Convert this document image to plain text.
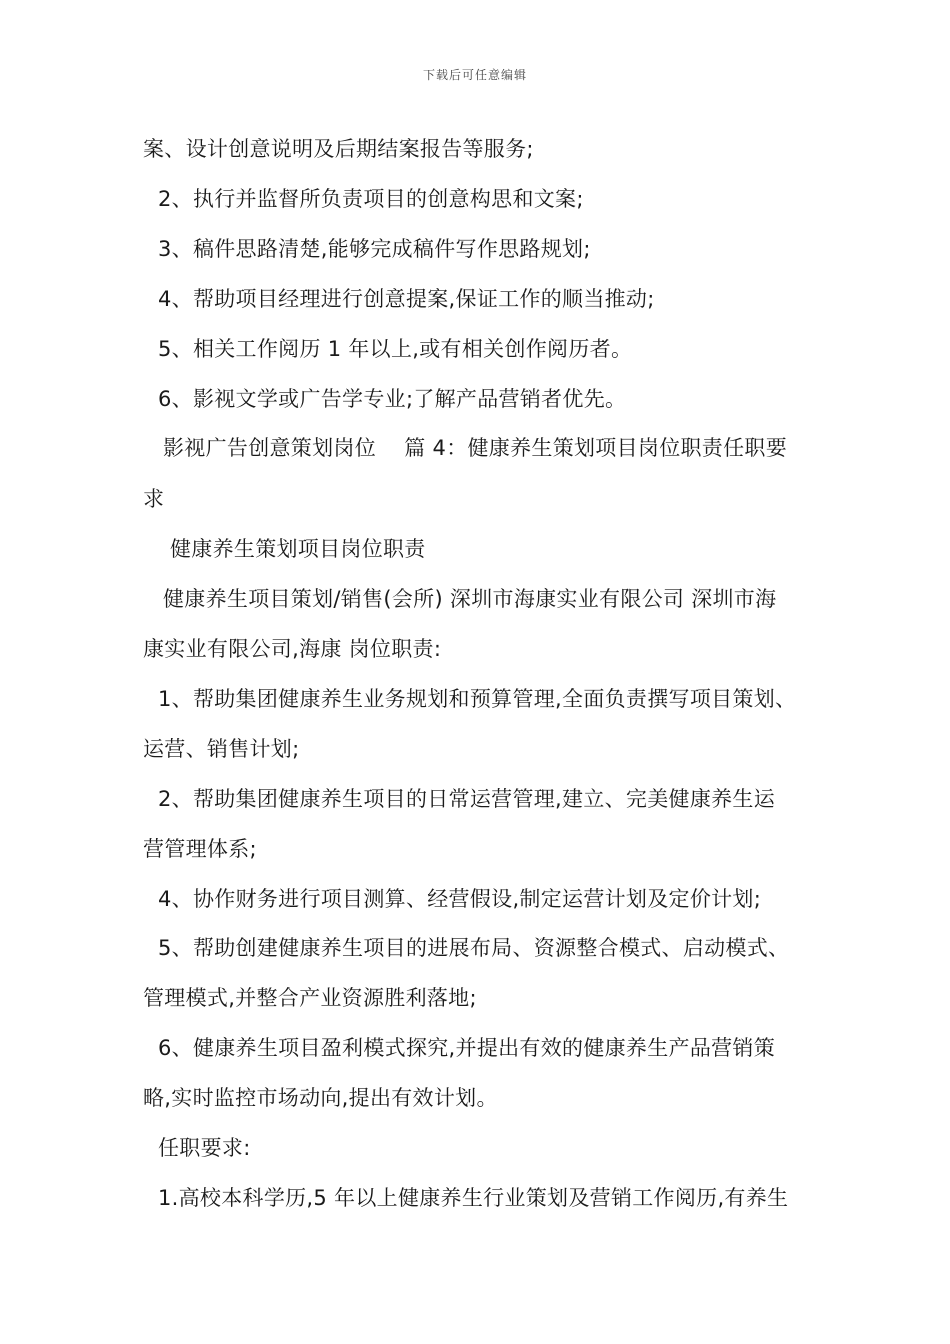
下载后可任意编辑
案、设计创意说明及后期结案报告等服务;
2、执行并监督所负责项目的创意构思和文案;
3、稿件思路清楚,能够完成稿件写作思路规划;
4、帮助项目经理进行创意提案,保证工作的顺当推动;
5、相关工作阅历 1 年以上,或有相关创作阅历者。
6、影视文学或广告学专业;了解产品营销者优先。
影视广告创意策划岗位　 篇 4：健康养生策划项目岗位职责任职要
求
健康养生策划项目岗位职责
健康养生项目策划/销售(会所) 深圳市海康实业有限公司 深圳市海
康实业有限公司,海康 岗位职责:
1、帮助集团健康养生业务规划和预算管理,全面负责撰写项目策划、
运营、销售计划;
2、帮助集团健康养生项目的日常运营管理,建立、完美健康养生运
营管理体系;
4、协作财务进行项目测算、经营假设,制定运营计划及定价计划;
5、帮助创建健康养生项目的进展布局、资源整合模式、启动模式、
管理模式,并整合产业资源胜利落地;
6、健康养生项目盈利模式探究,并提出有效的健康养生产品营销策
略,实时监控市场动向,提出有效计划。
任职要求:
1.高校本科学历,5 年以上健康养生行业策划及营销工作阅历,有养生
